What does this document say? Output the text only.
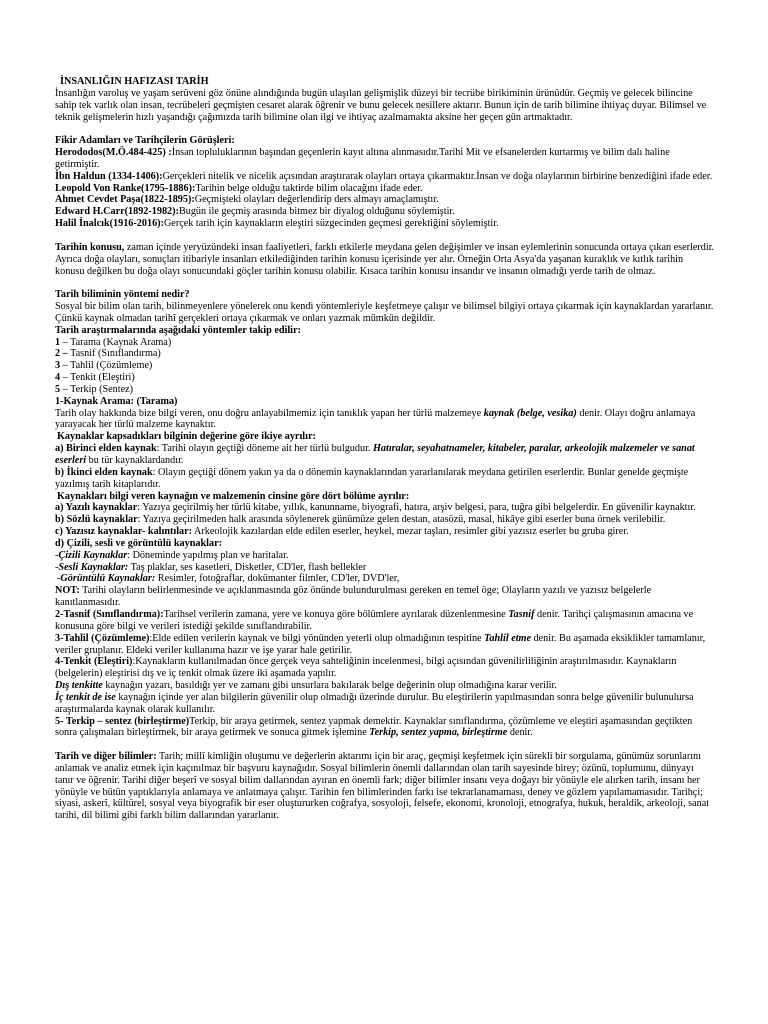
İNSANLIĞIN HAFIZASI TARİH

İnsanlığın varoluş ve yaşam serüveni göz önüne alındığında bugün ulaşılan gelişmişlik düzeyi bir tecrübe birikiminin ürünüdür. Geçmiş ve gelecek bilincine sahip tek varlık olan insan, tecrübeleri geçmişten cesaret alarak öğrenir ve bunu gelecek nesillere aktarır. Bunun için de tarih bilimine ihtiyaç duyar. Bilimsel ve teknik gelişmelerin hızlı yaşandığı çağımızda tarih bilimine olan ilgi ve ihtiyaç azalmamakta aksine her geçen gün artmaktadır.

Fikir Adamları ve Tarihçilerin Görüşleri:

Herododos(M.Ö.484-425) :İnsan topluluklarının başından geçenlerin kayıt altına alınmasıdır.Tarihi Mit ve efsanelerden kurtarmış ve bilim dalı haline getirmiştir.

İbn Haldun (1334-1406):Gerçekleri nitelik ve nicelik açısından araştırarak olayları ortaya çıkarmaktır.İnsan ve doğa olaylarının birbirine benzediğini ifade eder.

Leopold Von Ranke(1795-1886):Tarihin belge olduğu taktirde bilim olacağını ifade eder.

Ahmet Cevdet Paşa(1822-1895):Geçmişteki olayları değerlendirip ders almayı amaçlamıştır.

Edward H.Carr(1892-1982):Bugün ile geçmiş arasında bitmez bir diyalog olduğunu söylemiştir.

Halil İnalcık(1916-2016):Gerçek tarih için kaynakların eleştiri süzgecinden geçmesi gerektiğini söylemiştir.

Tarihin konusu, zaman içinde yeryüzündeki insan faaliyetleri, farklı etkilerle meydana gelen değişimler ve insan eylemlerinin sonucunda ortaya çıkan eserlerdir. Ayrıca doğa olayları, sonuçları itibariyle insanları etkilediğinden tarihin konusu içerisinde yer alır. Örneğin Orta Asya'da yaşanan kuraklık ve kıtlık tarihin konusu değilken bu doğa olayı sonucundaki göçler tarihin konusu olabilir. Kısaca tarihin konusu insandır ve insanın olmadığı yerde tarih de olmaz.

Tarih biliminin yöntemi nedir?

Sosyal bir bilim olan tarih, bilinmeyenlere yönelerek onu kendi yöntemleriyle keşfetmeye çalışır ve bilimsel bilgiyi ortaya çıkarmak için kaynaklardan yararlanır. Çünkü kaynak olmadan tarihî gerçekleri ortaya çıkarmak ve onları yazmak mümkün değildir.

Tarih araştırmalarında aşağıdaki yöntemler takip edilir:

1 – Tarama (Kaynak Arama)

2 – Tasnif (Sınıflandırma)

3 – Tahlil (Çözümleme)

4 – Tenkit (Eleştiri)

5 – Terkip (Sentez)

1-Kaynak Arama: (Tarama)

Tarih olay hakkında bize bilgi veren, onu doğru anlayabilmemiz için tanıklık yapan her türlü malzemeye kaynak (belge, vesika) denir. Olayı doğru anlamaya yarayacak her türlü malzeme kaynaktır.

Kaynaklar kapsadıkları bilginin değerine göre ikiye ayrılır:

a) Birinci elden kaynak: Tarihi olayın geçtiği döneme ait her türlü bulgudur. Hatıralar, seyahatnameler, kitabeler, paralar, arkeolojik malzemeler ve sanat eserleri bu tür kaynaklardandır.

b) İkinci elden kaynak: Olayın geçtiği dönem yakın ya da o dönemin kaynaklarından yararlanılarak meydana getirilen eserlerdir. Bunlar genelde geçmişte yazılmış tarih kitaplarıdır.

Kaynakları bilgi veren kaynağın ve malzemenin cinsine göre dört bölüme ayrılır:

a) Yazılı kaynaklar: Yazıya geçirilmiş her türlü kitabe, yıllık, kanunname, biyografi, hatıra, arşiv belgesi, para, tuğra gibi belgelerdir. En güvenilir kaynaktır.

b) Sözlü kaynaklar: Yazıya geçirilmeden halk arasında söylenerek günümüze gelen destan, atasözü, masal, hikâye gibi eserler buna örnek verilebilir.

c) Yazısız kaynaklar- kalıntılar: Arkeolojik kazılardan elde edilen eserler, heykel, mezar taşları, resimler gibi yazısız eserler bu gruba girer.

d) Çizili, sesli ve görüntülü kaynaklar:

-Çizili Kaynaklar: Döneminde yapılmış plan ve haritalar.

-Sesli Kaynaklar: Taş plaklar, ses kasetleri, Disketler, CD'ler, flash bellekler

-Görüntülü Kaynaklar: Resimler, fotoğraflar, dokümanter filmler, CD'ler, DVD'ler,

NOT: Tarihi olayların belirlenmesinde ve açıklanmasında göz önünde bulundurulması gereken en temel öge; Olayların yazılı ve yazısız belgelerle kanıtlanmasıdır.

2-Tasnif (Sınıflandırma):Tarihsel verilerin zamana, yere ve konuya göre bölümlere ayrılarak düzenlenmesine Tasnif denir. Tarihçi çalışmasının amacına ve konusuna göre bilgi ve verileri istediği şekilde sınıflandırabilir.

3-Tahlil (Çözümleme):Elde edilen verilerin kaynak ve bilgi yönünden yeterli olup olmadığının tespitine Tahlil etme denir. Bu aşamada eksiklikler tamamlanır, veriler gruplanır. Eldeki veriler kullanıma hazır ve işe yarar hale getirilir.

4-Tenkit (Eleştiri):Kaynakların kullanılmadan önce gerçek veya sahteliğinin incelenmesi, bilgi açısından güvenilirliliğinin araştırılmasıdır. Kaynakların (belgelerin) eleştirisi dış ve iç tenkit olmak üzere iki aşamada yapılır.

Dış tenkitte kaynağın yazarı, basıldığı yer ve zamanı gibi unsurlara bakılarak belge değerinin olup olmadığına karar verilir.

İç tenkit de ise kaynağın içinde yer alan bilgilerin güvenilir olup olmadığı üzerinde durulur. Bu eleştirilerin yapılmasından sonra belge güvenilir bulunulursa araştırmalarda kaynak olarak kullanılır.

5- Terkip – sentez (birleştirme)Terkip, bir araya getirmek, sentez yapmak demektir. Kaynaklar sınıflandırma, çözümleme ve eleştiri aşamasından geçtikten sonra çalışmaları birleştirmek, bir araya getirmek ve sonuca gitmek işlemine Terkip, sentez yapma, birleştirme denir.

Tarih ve diğer bilimler: Tarih; millî kimliğin oluşumu ve değerlerin aktarımı için bir araç, geçmişi keşfetmek için sürekli bir sorgulama, günümüz sorunlarını anlamak ve analiz etmek için kaçınılmaz bir başvuru kaynağıdır. Sosyal bilimlerin önemli dallarından olan tarih sayesinde birey; özünü, toplumunu, dünyayı tanır ve öğrenir. Tarihi diğer beşerî ve sosyal bilim dallarından ayıran en önemli fark; diğer bilimler insanı veya doğayı bir yönüyle ele alırken tarih, insanı her yönüyle ve bütün yaptıklarıyla anlamaya ve anlatmaya çalışır. Tarihin fen bilimlerinden farkı ise tekrarlanamaması, deney ve gözlem yapılamamasıdır. Tarihçi; siyasi, askerî, kültürel, sosyal veya biyografik bir eser oluştururken coğrafya, sosyoloji, felsefe, ekonomi, kronoloji, etnografya, hukuk, heraldik, arkeoloji, sanat tarihi, dil bilimi gibi farklı bilim dallarından yararlanır.
